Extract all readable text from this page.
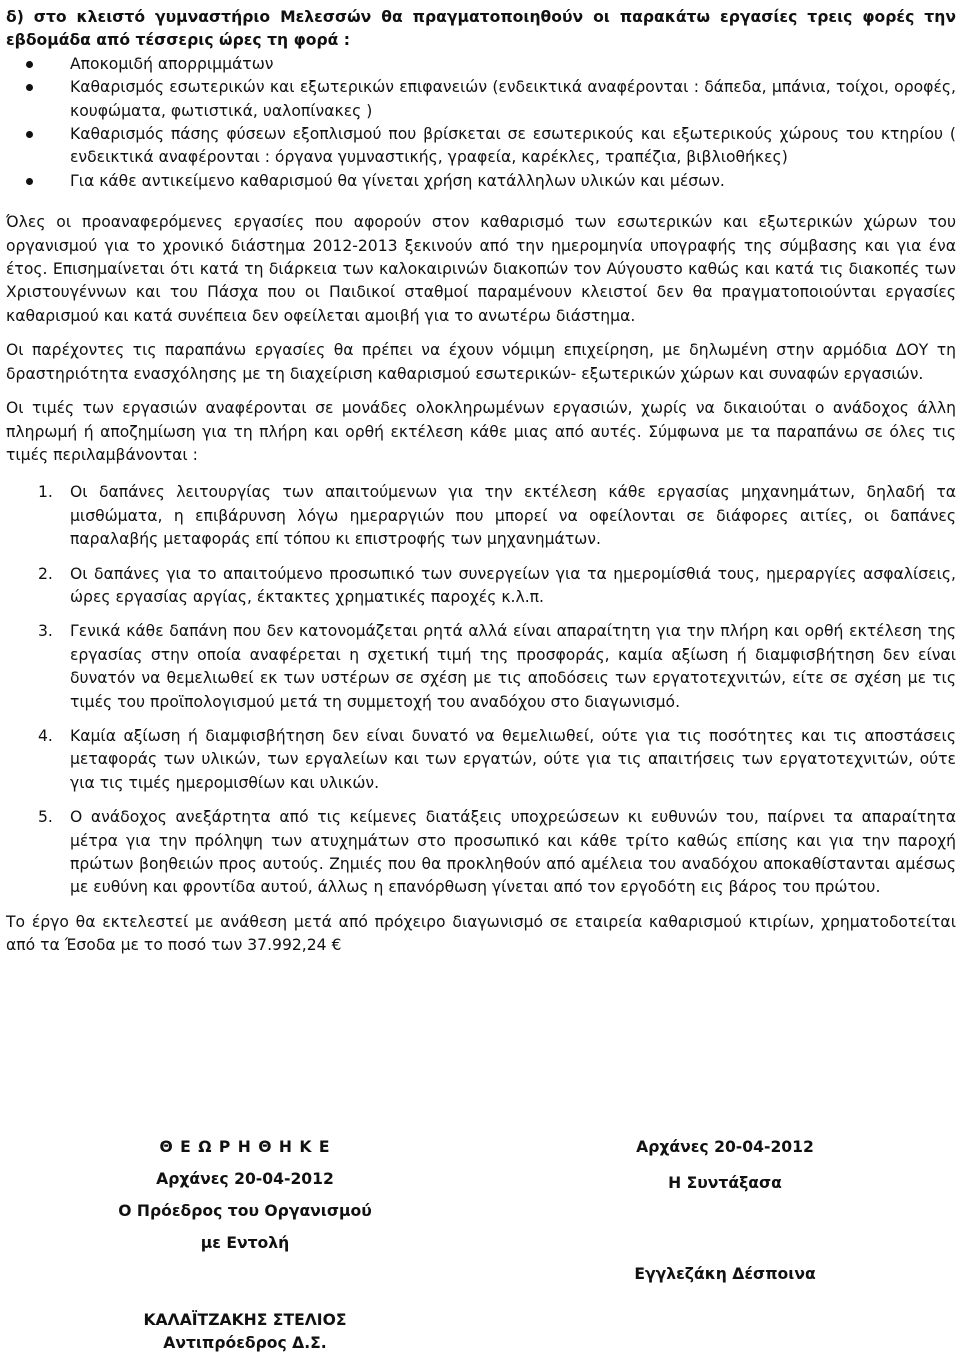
δ) στο κλειστό γυμναστήριο Μελεσσών θα πραγματοποιηθούν οι παρακάτω εργασίες τρεις φορές την εβδομάδα από τέσσερις ώρες τη φορά :
Αποκομιδή απορριμμάτων
Καθαρισμός εσωτερικών και εξωτερικών επιφανειών (ενδεικτικά αναφέρονται : δάπεδα, μπάνια, τοίχοι, οροφές, κουφώματα, φωτιστικά, υαλοπίνακες )
Καθαρισμός πάσης φύσεων εξοπλισμού που βρίσκεται σε εσωτερικούς και εξωτερικούς χώρους του κτηρίου ( ενδεικτικά αναφέρονται : όργανα γυμναστικής, γραφεία, καρέκλες, τραπέζια, βιβλιοθήκες)
Για κάθε αντικείμενο καθαρισμού θα γίνεται χρήση κατάλληλων υλικών και μέσων.

Όλες οι προαναφερόμενες εργασίες που αφορούν στον καθαρισμό των εσωτερικών και εξωτερικών χώρων του οργανισμού για το χρονικό διάστημα 2012-2013 ξεκινούν από την ημερομηνία υπογραφής της σύμβασης και για ένα έτος. Επισημαίνεται ότι κατά τη διάρκεια των καλοκαιρινών διακοπών τον Αύγουστο καθώς και κατά τις διακοπές των Χριστουγέννων και του Πάσχα που οι Παιδικοί σταθμοί παραμένουν κλειστοί δεν θα πραγματοποιούνται εργασίες καθαρισμού και κατά συνέπεια δεν οφείλεται αμοιβή για το ανωτέρω διάστημα.

Οι παρέχοντες τις παραπάνω εργασίες θα πρέπει να έχουν νόμιμη επιχείρηση, με δηλωμένη στην αρμόδια ΔΟΥ τη δραστηριότητα ενασχόλησης με τη διαχείριση καθαρισμού εσωτερικών- εξωτερικών χώρων και συναφών εργασιών.

Οι τιμές των εργασιών αναφέρονται σε μονάδες ολοκληρωμένων εργασιών, χωρίς να δικαιούται ο ανάδοχος άλλη πληρωμή ή αποζημίωση για τη πλήρη και ορθή εκτέλεση κάθε μιας από αυτές. Σύμφωνα με τα παραπάνω σε όλες τις τιμές περιλαμβάνονται :

1. Οι δαπάνες λειτουργίας των απαιτούμενων για την εκτέλεση κάθε εργασίας μηχανημάτων, δηλαδή τα μισθώματα, η επιβάρυνση λόγω ημεραργιών που μπορεί να οφείλονται σε διάφορες αιτίες, οι δαπάνες παραλαβής μεταφοράς επί τόπου κι επιστροφής των μηχανημάτων.
2. Οι δαπάνες για το απαιτούμενο προσωπικό των συνεργείων για τα ημερομίσθιά τους, ημεραργίες ασφαλίσεις, ώρες εργασίας αργίας, έκτακτες χρηματικές παροχές κ.λ.π.
3. Γενικά κάθε δαπάνη που δεν κατονομάζεται ρητά αλλά είναι απαραίτητη για την πλήρη και ορθή εκτέλεση της εργασίας στην οποία αναφέρεται η σχετική τιμή της προσφοράς, καμία αξίωση ή διαμφισβήτηση δεν είναι δυνατόν να θεμελιωθεί εκ των υστέρων σε σχέση με τις αποδόσεις των εργατοτεχνιτών, είτε σε σχέση με τις τιμές του προϊπολογισμού μετά τη συμμετοχή του αναδόχου στο διαγωνισμό.
4. Καμία αξίωση ή διαμφισβήτηση δεν είναι δυνατό να θεμελιωθεί, ούτε για τις ποσότητες και τις αποστάσεις μεταφοράς των υλικών, των εργαλείων και των εργατών, ούτε για τις απαιτήσεις των εργατοτεχνιτών, ούτε για τις τιμές ημερομισθίων και υλικών.
5. Ο ανάδοχος ανεξάρτητα από τις κείμενες διατάξεις υποχρεώσεων κι ευθυνών του, παίρνει τα απαραίτητα μέτρα για την πρόληψη των ατυχημάτων στο προσωπικό και κάθε τρίτο καθώς επίσης και για την παροχή πρώτων βοηθειών προς αυτούς. Ζημιές που θα προκληθούν από αμέλεια του αναδόχου αποκαθίστανται αμέσως με ευθύνη και φροντίδα αυτού, άλλως η επανόρθωση γίνεται από τον εργοδότη εις βάρος του πρώτου.

Το έργο θα εκτελεστεί με ανάθεση μετά από πρόχειρο διαγωνισμό σε εταιρεία καθαρισμού κτιρίων, χρηματοδοτείται από τα Έσοδα με το ποσό των 37.992,24 €

Θ Ε Ω Ρ Η Θ Η Κ Ε
Αρχάνες 20-04-2012
Ο Πρόεδρος του Οργανισμού
με Εντολή
ΚΑΛΑΪΤΖΑΚΗΣ ΣΤΕΛΙΟΣ
Αντιπρόεδρος Δ.Σ.
Αρχάνες 20-04-2012
Η Συντάξασα
Εγγλεζάκη Δέσποινα
